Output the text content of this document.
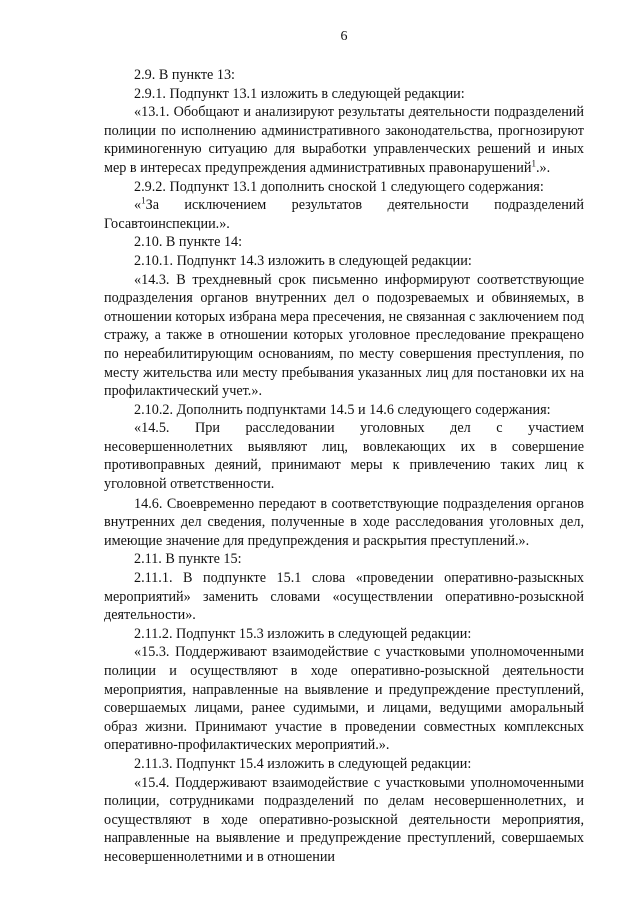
6

2.9. В пункте 13:

2.9.1. Подпункт 13.1 изложить в следующей редакции:

«13.1. Обобщают и анализируют результаты деятельности подразделений полиции по исполнению административного законодательства, прогнозируют криминогенную ситуацию для выработки управленческих решений и иных мер в интересах предупреждения административных правонарушений$^1$.».

2.9.2. Подпункт 13.1 дополнить сноской 1 следующего содержания:

«$^1$За исключением результатов деятельности подразделений Госавтоинспекции.».

2.10. В пункте 14:

2.10.1. Подпункт 14.3 изложить в следующей редакции:

«14.3. В трехдневный срок письменно информируют соответствующие подразделения органов внутренних дел о подозреваемых и обвиняемых, в отношении которых избрана мера пресечения, не связанная с заключением под стражу, а также в отношении которых уголовное преследование прекращено по нереабилитирующим основаниям, по месту совершения преступления, по месту жительства или месту пребывания указанных лиц для постановки их на профилактический учет.».

2.10.2. Дополнить подпунктами 14.5 и 14.6 следующего содержания:

«14.5. При расследовании уголовных дел с участием несовершеннолетних выявляют лиц, вовлекающих их в совершение противоправных деяний, принимают меры к привлечению таких лиц к уголовной ответственности.

14.6. Своевременно передают в соответствующие подразделения органов внутренних дел сведения, полученные в ходе расследования уголовных дел, имеющие значение для предупреждения и раскрытия преступлений.».

2.11. В пункте 15:

2.11.1. В подпункте 15.1 слова «проведении оперативно-разыскных мероприятий» заменить словами «осуществлении оперативно-розыскной деятельности».

2.11.2. Подпункт 15.3 изложить в следующей редакции:

«15.3. Поддерживают взаимодействие с участковыми уполномоченными полиции и осуществляют в ходе оперативно-розыскной деятельности мероприятия, направленные на выявление и предупреждение преступлений, совершаемых лицами, ранее судимыми, и лицами, ведущими аморальный образ жизни. Принимают участие в проведении совместных комплексных оперативно-профилактических мероприятий.».

2.11.3. Подпункт 15.4 изложить в следующей редакции:

«15.4. Поддерживают взаимодействие с участковыми уполномоченными полиции, сотрудниками подразделений по делам несовершеннолетних, и осуществляют в ходе оперативно-розыскной деятельности мероприятия, направленные на выявление и предупреждение преступлений, совершаемых несовершеннолетними и в отношении
